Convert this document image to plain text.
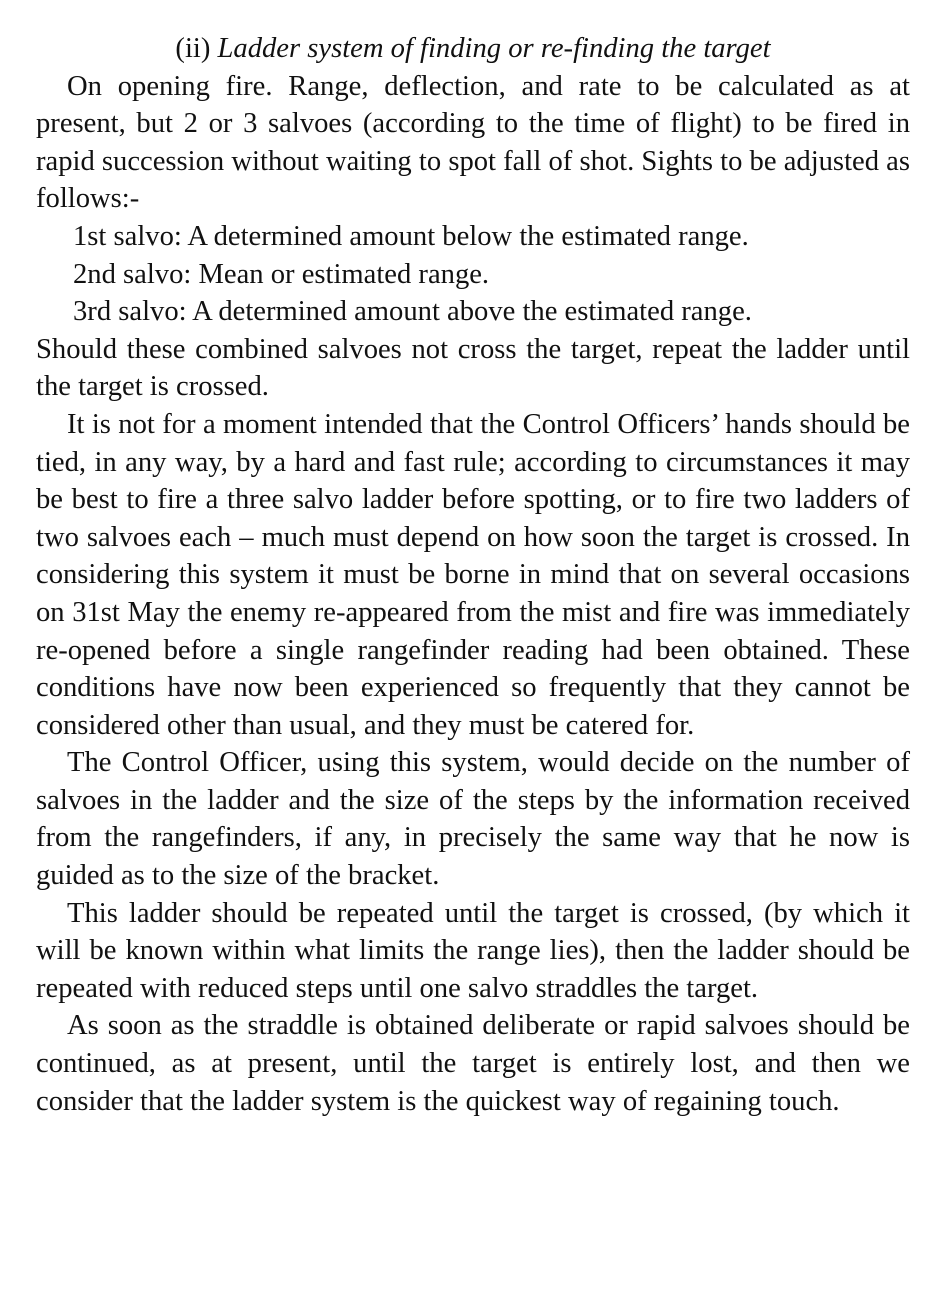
(ii) Ladder system of finding or re-finding the target

On opening fire. Range, deflection, and rate to be calculated as at present, but 2 or 3 salvoes (according to the time of flight) to be fired in rapid succession without waiting to spot fall of shot. Sights to be adjusted as follows:-

1st salvo: A determined amount below the estimated range.
2nd salvo: Mean or estimated range.
3rd salvo: A determined amount above the estimated range.

Should these combined salvoes not cross the target, repeat the ladder until the target is crossed.

It is not for a moment intended that the Control Officers’ hands should be tied, in any way, by a hard and fast rule; according to circumstances it may be best to fire a three salvo ladder before spotting, or to fire two ladders of two salvoes each – much must depend on how soon the target is crossed. In considering this system it must be borne in mind that on several occasions on 31st May the enemy re-appeared from the mist and fire was immediately re-opened before a single rangefinder reading had been obtained. These conditions have now been experienced so frequently that they cannot be considered other than usual, and they must be catered for.

The Control Officer, using this system, would decide on the number of salvoes in the ladder and the size of the steps by the information received from the rangefinders, if any, in precisely the same way that he now is guided as to the size of the bracket.

This ladder should be repeated until the target is crossed, (by which it will be known within what limits the range lies), then the ladder should be repeated with reduced steps until one salvo straddles the target.

As soon as the straddle is obtained deliberate or rapid salvoes should be continued, as at present, until the target is entirely lost, and then we consider that the ladder system is the quickest way of regaining touch.
